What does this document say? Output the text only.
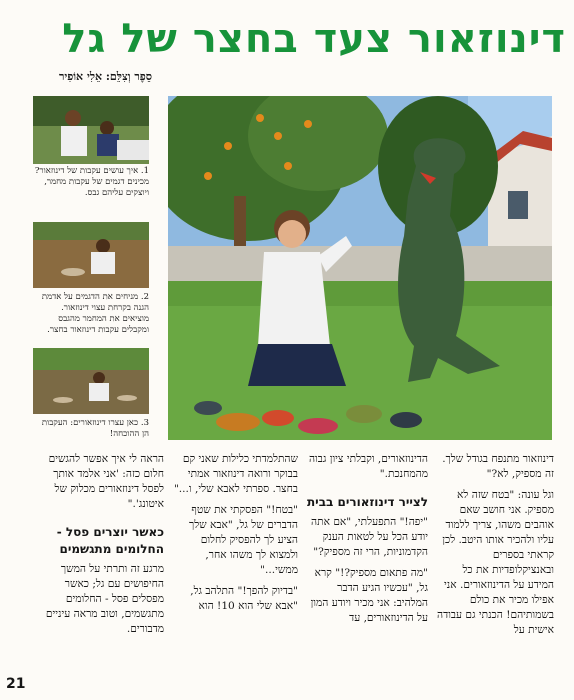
דינוזאור צעד בחצר של גל
סֵפֶר וְצִלֵּם: אֵלִי אוֹפִיר
1. איך עושים עקבות של דינוזאור? מכינים דגמים של עקבות מחמר, ויוצקים עליהם גבס.
2. מניחים את הדגמים על אדמת הגנה בקרחת עצוי דינוזאור. מוציאים את המחמר מהגבס ומקבלים עקבות דינוזאור בחצר.
3. כאן עצרו דינוזאורים: העקבות הן ההוכחה!

דינוזאור מתנפח בגודל שלך. זה מספיק, לא?"

וגל עונה: "בטח שזה לא מספיק. אני חושב שאם אוהבים משהו, צריך ללמוד עליו ולהכיר אותו היטב. לכן קראתי בספרים ובאנציקלופדיות את כל המידע על הדינוזאורים. אני אפילו מכיר את כולם בשמותיהם! הכנתי גם עבודה אישית על

הדינוזאורים, וקבלתי ציון גבוה מהמחנכת."

לצייר דינוזאורים בבית

"יפה!" התפעלתי, "אם אתה יודע הכל על לטאות הענק הקדמוניות, הרי זה מספיק?"

"מה פתאום מספיק?!" קרא גל, "עכשיו הגיע הדבר המלהיב: אני מכיר ויודע המון על הדינוזאורים, עד

שהתלמדתי כלילות שאני קם בבוקר ורואה דינוזאור אמתי בחצר. ספרתי לאבא שלי, ו..."

"בטח!" הפסקתי את שטף הדברים של גל, "אבא שלך הציע לך להפסיק לחלום ולמצוא לך משהו אחר, ממשי..."

"בדיוק להפך!" התלהב גל, "אבא שלי הוא 10! הוא

הראה לי איך אפשר להגשים חלום כזה: 'אני אלמד אותך לפסל דינוזאורים מכלוק של איטונג'."

כאשר יוצרים פסל - החלומים מתגשמים

מרגע זה ותרתי על המשך החיפושים עם גל; כאשר מפסלים פסל - החלומים מתגשמים, וטוב מראה עיניים מדבורים.

21
